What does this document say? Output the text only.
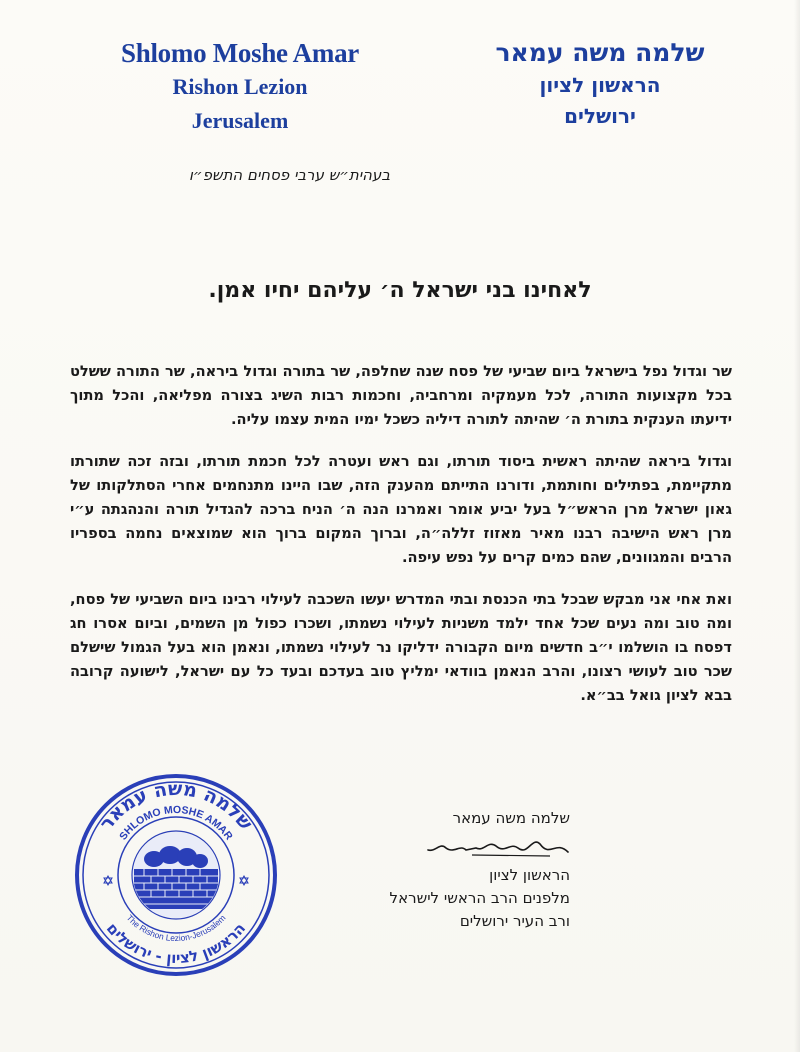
Shlomo Moshe Amar
Rishon Lezion
Jerusalem
שלמה משה עמאר
הראשון לציון
ירושלים
בעהית״ש ערבי פסחים התשפ״ו
לאחינו בני ישראל ה׳ עליהם יחיו אמן.

שר וגדול נפל בישראל ביום שביעי של פסח שנה שחלפה, שר בתורה וגדול ביראה, שר התורה ששלט בכל מקצועות התורה, לכל מעמקיה ומרחביה, וחכמות רבות השיג בצורה מפליאה, והכל מתוך ידיעתו הענקית בתורת ה׳ שהיתה לתורה דיליה כשכל ימיו המית עצמו עליה.

וגדול ביראה שהיתה ראשית ביסוד תורתו, וגם ראש ועטרה לכל חכמת תורתו, ובזה זכה שתורתו מתקיימת, בפתילים וחותמת, ודורנו התייתם מהענק הזה, שבו היינו מתנחמים אחרי הסתלקותו של גאון ישראל מרן הראש״ל בעל יביע אומר ואמרנו הנה ה׳ הניח ברכה להגדיל תורה והנהגתה ע״י מרן ראש הישיבה רבנו מאיר מאזוז זללה״ה, וברוך המקום ברוך הוא שמוצאים נחמה בספריו הרבים והמגוונים, שהם כמים קרים על נפש עיפה.

ואת אחי אני מבקש שבכל בתי הכנסת ובתי המדרש יעשו השכבה לעילוי רבינו ביום השביעי של פסח, ומה טוב ומה נעים שכל אחד ילמד משניות לעילוי נשמתו, ושכרו כפול מן השמים, וביום אסרו חג דפסח בו הושלמו י״ב חדשים מיום הקבורה ידליקו נר לעילוי נשמתו, ונאמן הוא בעל הגמול שישלם שכר טוב לעושי רצונו, והרב הנאמן בוודאי ימליץ טוב בעדכם ובעד כל עם ישראל, לישועה קרובה בבא לציון גואל בב״א.

שלמה משה עמאר
הראשון לציון
מלפנים הרב הראשי לישראל
ורב העיר ירושלים
שלמה משה עמאר
הראשון לציון - ירושלים
SHLOMO MOSHE AMAR
The Rishon Lezion-Jerusalem
